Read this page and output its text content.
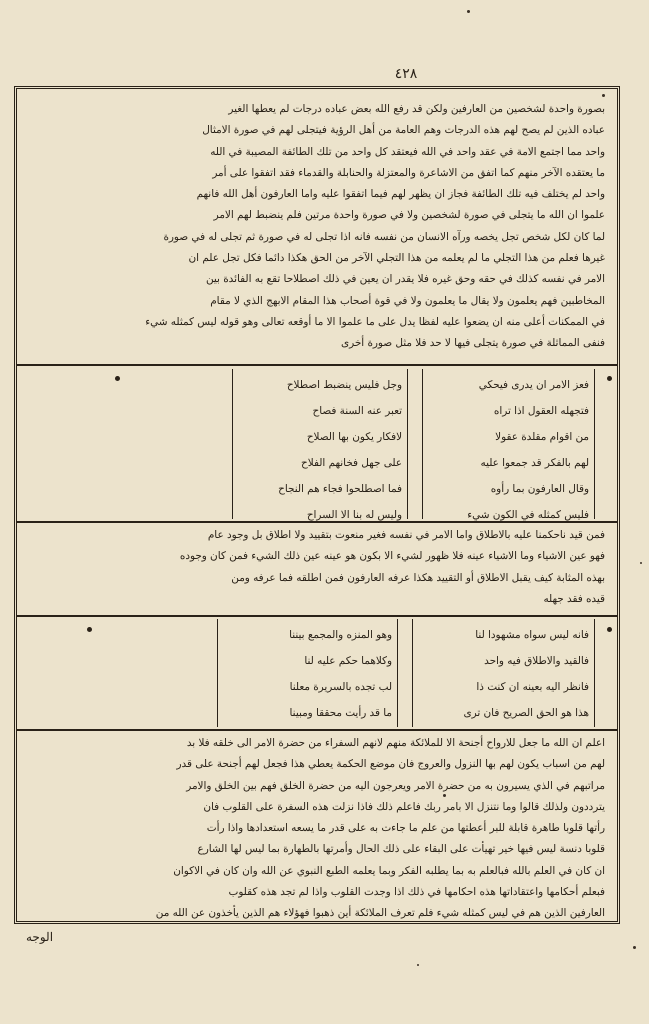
٤٢٨

بصورة واحدة لشخصين من العارفين ولكن قد رفع الله بعض عباده درجات لم يعطها الغير

عباده الذين لم يصح لهم هذه الدرجات وهم العامة من أهل الرؤية فيتجلى لهم في صورة الامثال

واحد مما اجتمع الامة في عقد واحد في الله فيعتقد كل واحد من تلك الطائفة المصيبة في الله

ما يعتقده الآخر منهم كما اتفق من الاشاعرة والمعتزلة والحنابلة والقدماء فقد اتفقوا على أمر

واحد لم يختلف فيه تلك الطائفة فجاز ان يظهر لهم فيما اتفقوا عليه واما العارفون أهل الله فانهم

علموا ان الله ما يتجلى في صورة لشخصين ولا في صورة واحدة مرتين فلم ينضبط لهم الامر

لما كان لكل شخص تجل يخصه ورآه الانسان من نفسه فانه اذا تجلى له في صورة ثم تجلى له في صورة

غيرها فعلم من هذا التجلي ما لم يعلمه من هذا التجلي الآخر من الحق هكذا دائما فكل تجل علم ان

الامر في نفسه كذلك في حقه وحق غيره فلا يقدر ان يعين في ذلك اصطلاحا تقع به الفائدة بين

المخاطبين فهم يعلمون ولا يقال ما يعلمون ولا في قوة أصحاب هذا المقام الابهج الذي لا مقام

في الممكنات أعلى منه ان يضعوا عليه لفظا يدل على ما علموا الا ما أوقعه تعالى وهو قوله ليس كمثله شيء

فنفى المماثلة في صورة يتجلى فيها لا حد فلا مثل صورة أخرى

فعز الامر ان يدرى فيحكي

فتجهله العقول اذا تراه

من اقوام مقلدة عقولا

لهم بالفكر قد جمعوا عليه

وقال العارفون بما رأوه

فليس كمثله في الكون شيء

وجل فليس ينضبط اصطلاح

تعبر عنه السنة فصاح

لافكار يكون بها الصلاح

على جهل فخانهم الفلاح

فما اصطلحوا فجاء هم النجاح

وليس له بنا الا السراح

فمن قيد ناحكمنا عليه بالاطلاق واما الامر في نفسه فغير منعوت بتقييد ولا اطلاق بل وجود عام

فهو عين الاشياء وما الاشياء عينه فلا ظهور لشيء الا بكون هو عينه عين ذلك الشيء فمن كان وجوده

بهذه المثابة كيف يقبل الاطلاق أو التقييد هكذا عرفه العارفون فمن اطلقه فما عرفه ومن

قيده فقد جهله

فانه ليس سواه مشهودا لنا

فالقيد والاطلاق فيه واحد

فانظر اليه بعينه ان كنت ذا

هذا هو الحق الصريح فان ترى

وهو المنزه والمجمع بيننا

وكلاهما حكم عليه لنا

لب تجده بالسريرة معلنا

ما قد رأيت محققا ومبينا

اعلم ان الله ما جعل للارواح أجنحة الا للملائكة منهم لانهم السفراء من حضرة الامر الى خلقه فلا بد

لهم من اسباب يكون لهم بها النزول والعروج فان موضع الحكمة يعطي هذا فجعل لهم أجنحة على قدر

مراتبهم في الذي يسيرون به من حضرة الامر ويعرجون اليه من حضرة الخلق فهم بين الخلق والامر

يترددون ولذلك قالوا وما نتنزل الا بامر ربك فاعلم ذلك فاذا نزلت هذه السفرة على القلوب فان

رأتها قلوبا طاهرة قابلة للبر أعطتها من علم ما جاءت به على قدر ما يسعه استعدادها واذا رأت

قلوبا دنسة ليس فيها خير تهيأت على البقاء على ذلك الحال وأمرتها بالطهارة بما ليس لها الشارع

ان كان في العلم بالله فبالعلم به بما يطلبه الفكر وبما يعلمه الطبع النبوي عن الله وان كان في الاكوان

فبعلم أحكامها واعتقاداتها هذه احكامها في ذلك اذا وجدت القلوب واذا لم تجد هذه كقلوب

العارفين الذين هم في ليس كمثله شيء فلم تعرف الملائكة أين ذهبوا فهؤلاء هم الذين يأخذون عن الله من

الوجه
